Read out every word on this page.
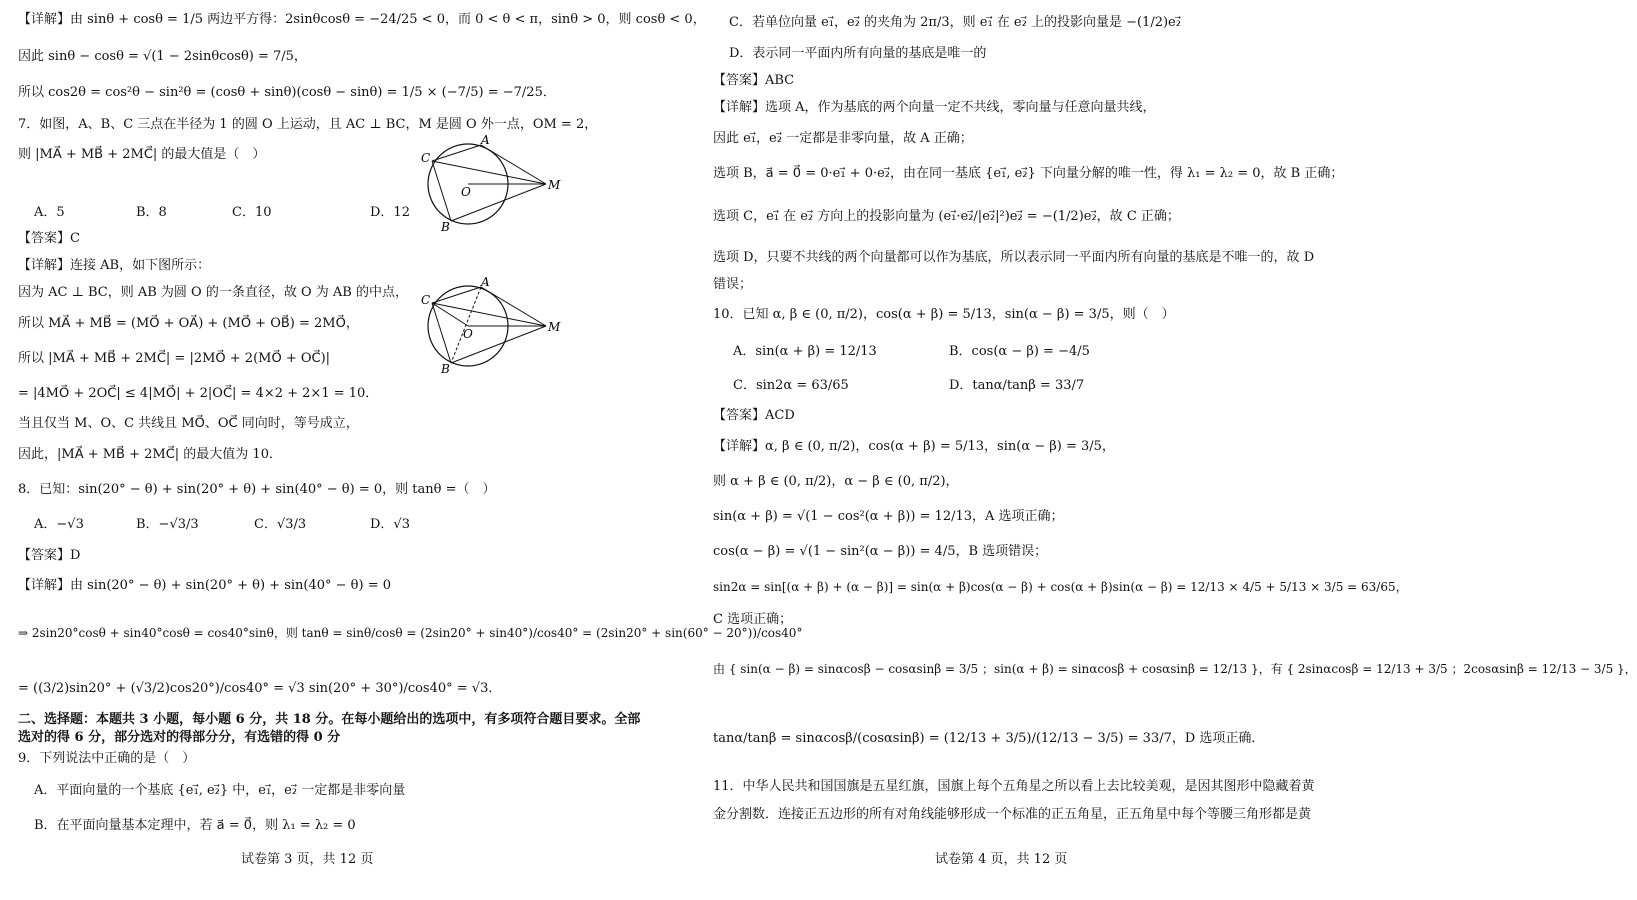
【详解】由 sinθ + cosθ = 1/5 两边平方得：2sinθcosθ = −24/25 < 0，而 0 < θ < π，sinθ > 0，则 cosθ < 0，
因此 sinθ − cosθ = √(1 − 2sinθcosθ) = 7/5，
所以 cos2θ = cos²θ − sin²θ = (cosθ + sinθ)(cosθ − sinθ) = 1/5 × (−7/5) = −7/25．
7．如图，A、B、C 三点在半径为 1 的圆 O 上运动，且 AC ⊥ BC，M 是圆 O 外一点，OM = 2，
则 |MA⃗ + MB⃗ + 2MC⃗| 的最大值是（　）
A．5	B．8	C．10	D．12
【答案】C
【详解】连接 AB，如下图所示：
因为 AC ⊥ BC，则 AB 为圆 O 的一条直径，故 O 为 AB 的中点，
所以 MA⃗ + MB⃗ = (MO⃗ + OA⃗) + (MO⃗ + OB⃗) = 2MO⃗，
所以 |MA⃗ + MB⃗ + 2MC⃗| = |2MO⃗ + 2(MO⃗ + OC⃗)|
= |4MO⃗ + 2OC⃗| ≤ 4|MO⃗| + 2|OC⃗| = 4×2 + 2×1 = 10．
当且仅当 M、O、C 共线且 MO⃗、OC⃗ 同向时，等号成立，
因此，|MA⃗ + MB⃗ + 2MC⃗| 的最大值为 10．
8．已知：sin(20° − θ) + sin(20° + θ) + sin(40° − θ) = 0，则 tanθ =（　）
A．−√3	B．−√3/3	C．√3/3	D．√3
【答案】D
【详解】由 sin(20° − θ) + sin(20° + θ) + sin(40° − θ) = 0
⇒ 2sin20°cosθ + sin40°cosθ = cos40°sinθ，则 tanθ = sinθ/cosθ = (2sin20° + sin40°)/cos40° = (2sin20° + sin(60° − 20°))/cos40°
= ((3/2)sin20° + (√3/2)cos20°)/cos40° = √3 sin(20° + 30°)/cos40° = √3．
二、选择题：本题共 3 小题，每小题 6 分，共 18 分。在每小题给出的选项中，有多项符合题目要求。全部
选对的得 6 分，部分选对的得部分分，有选错的得 0 分
9．下列说法中正确的是（　）
A．平面向量的一个基底 {e₁⃗, e₂⃗} 中，e₁⃗，e₂⃗ 一定都是非零向量
B．在平面向量基本定理中，若 a⃗ = 0⃗，则 λ₁ = λ₂ = 0
试卷第 3 页，共 12 页
A
B
C
O	M
A
B
C
O	M
C．若单位向量 e₁⃗，e₂⃗ 的夹角为 2π/3，则 e₁⃗ 在 e₂⃗ 上的投影向量是 −(1/2)e₂⃗
D．表示同一平面内所有向量的基底是唯一的
【答案】ABC
【详解】选项 A，作为基底的两个向量一定不共线，零向量与任意向量共线，
因此 e₁⃗，e₂⃗ 一定都是非零向量，故 A 正确；
选项 B，a⃗ = 0⃗ = 0·e₁⃗ + 0·e₂⃗，由在同一基底 {e₁⃗, e₂⃗} 下向量分解的唯一性，得 λ₁ = λ₂ = 0，故 B 正确；
选项 C，e₁⃗ 在 e₂⃗ 方向上的投影向量为 (e₁⃗·e₂⃗/|e₂⃗|²)e₂⃗ = −(1/2)e₂⃗，故 C 正确；
选项 D，只要不共线的两个向量都可以作为基底，所以表示同一平面内所有向量的基底是不唯一的，故 D
错误；
10．已知 α, β ∈ (0, π/2)，cos(α + β) = 5/13，sin(α − β) = 3/5，则（　）
A．sin(α + β) = 12/13	B．cos(α − β) = −4/5
C．sin2α = 63/65	D．tanα/tanβ = 33/7
【答案】ACD
【详解】α, β ∈ (0, π/2)，cos(α + β) = 5/13，sin(α − β) = 3/5，
则 α + β ∈ (0, π/2)，α − β ∈ (0, π/2)，
sin(α + β) = √(1 − cos²(α + β)) = 12/13，A 选项正确；
cos(α − β) = √(1 − sin²(α − β)) = 4/5，B 选项错误；
sin2α = sin[(α + β) + (α − β)] = sin(α + β)cos(α − β) + cos(α + β)sin(α − β) = 12/13 × 4/5 + 5/13 × 3/5 = 63/65，
C 选项正确；
由 { sin(α − β) = sinαcosβ − cosαsinβ = 3/5 ；sin(α + β) = sinαcosβ + cosαsinβ = 12/13 }，有 { 2sinαcosβ = 12/13 + 3/5 ；2cosαsinβ = 12/13 − 3/5 }，
tanα/tanβ = sinαcosβ/(cosαsinβ) = (12/13 + 3/5)/(12/13 − 3/5) = 33/7，D 选项正确．
11．中华人民共和国国旗是五星红旗，国旗上每个五角星之所以看上去比较美观，是因其图形中隐藏着黄
金分割数．连接正五边形的所有对角线能够形成一个标准的正五角星，正五角星中每个等腰三角形都是黄
试卷第 4 页，共 12 页
